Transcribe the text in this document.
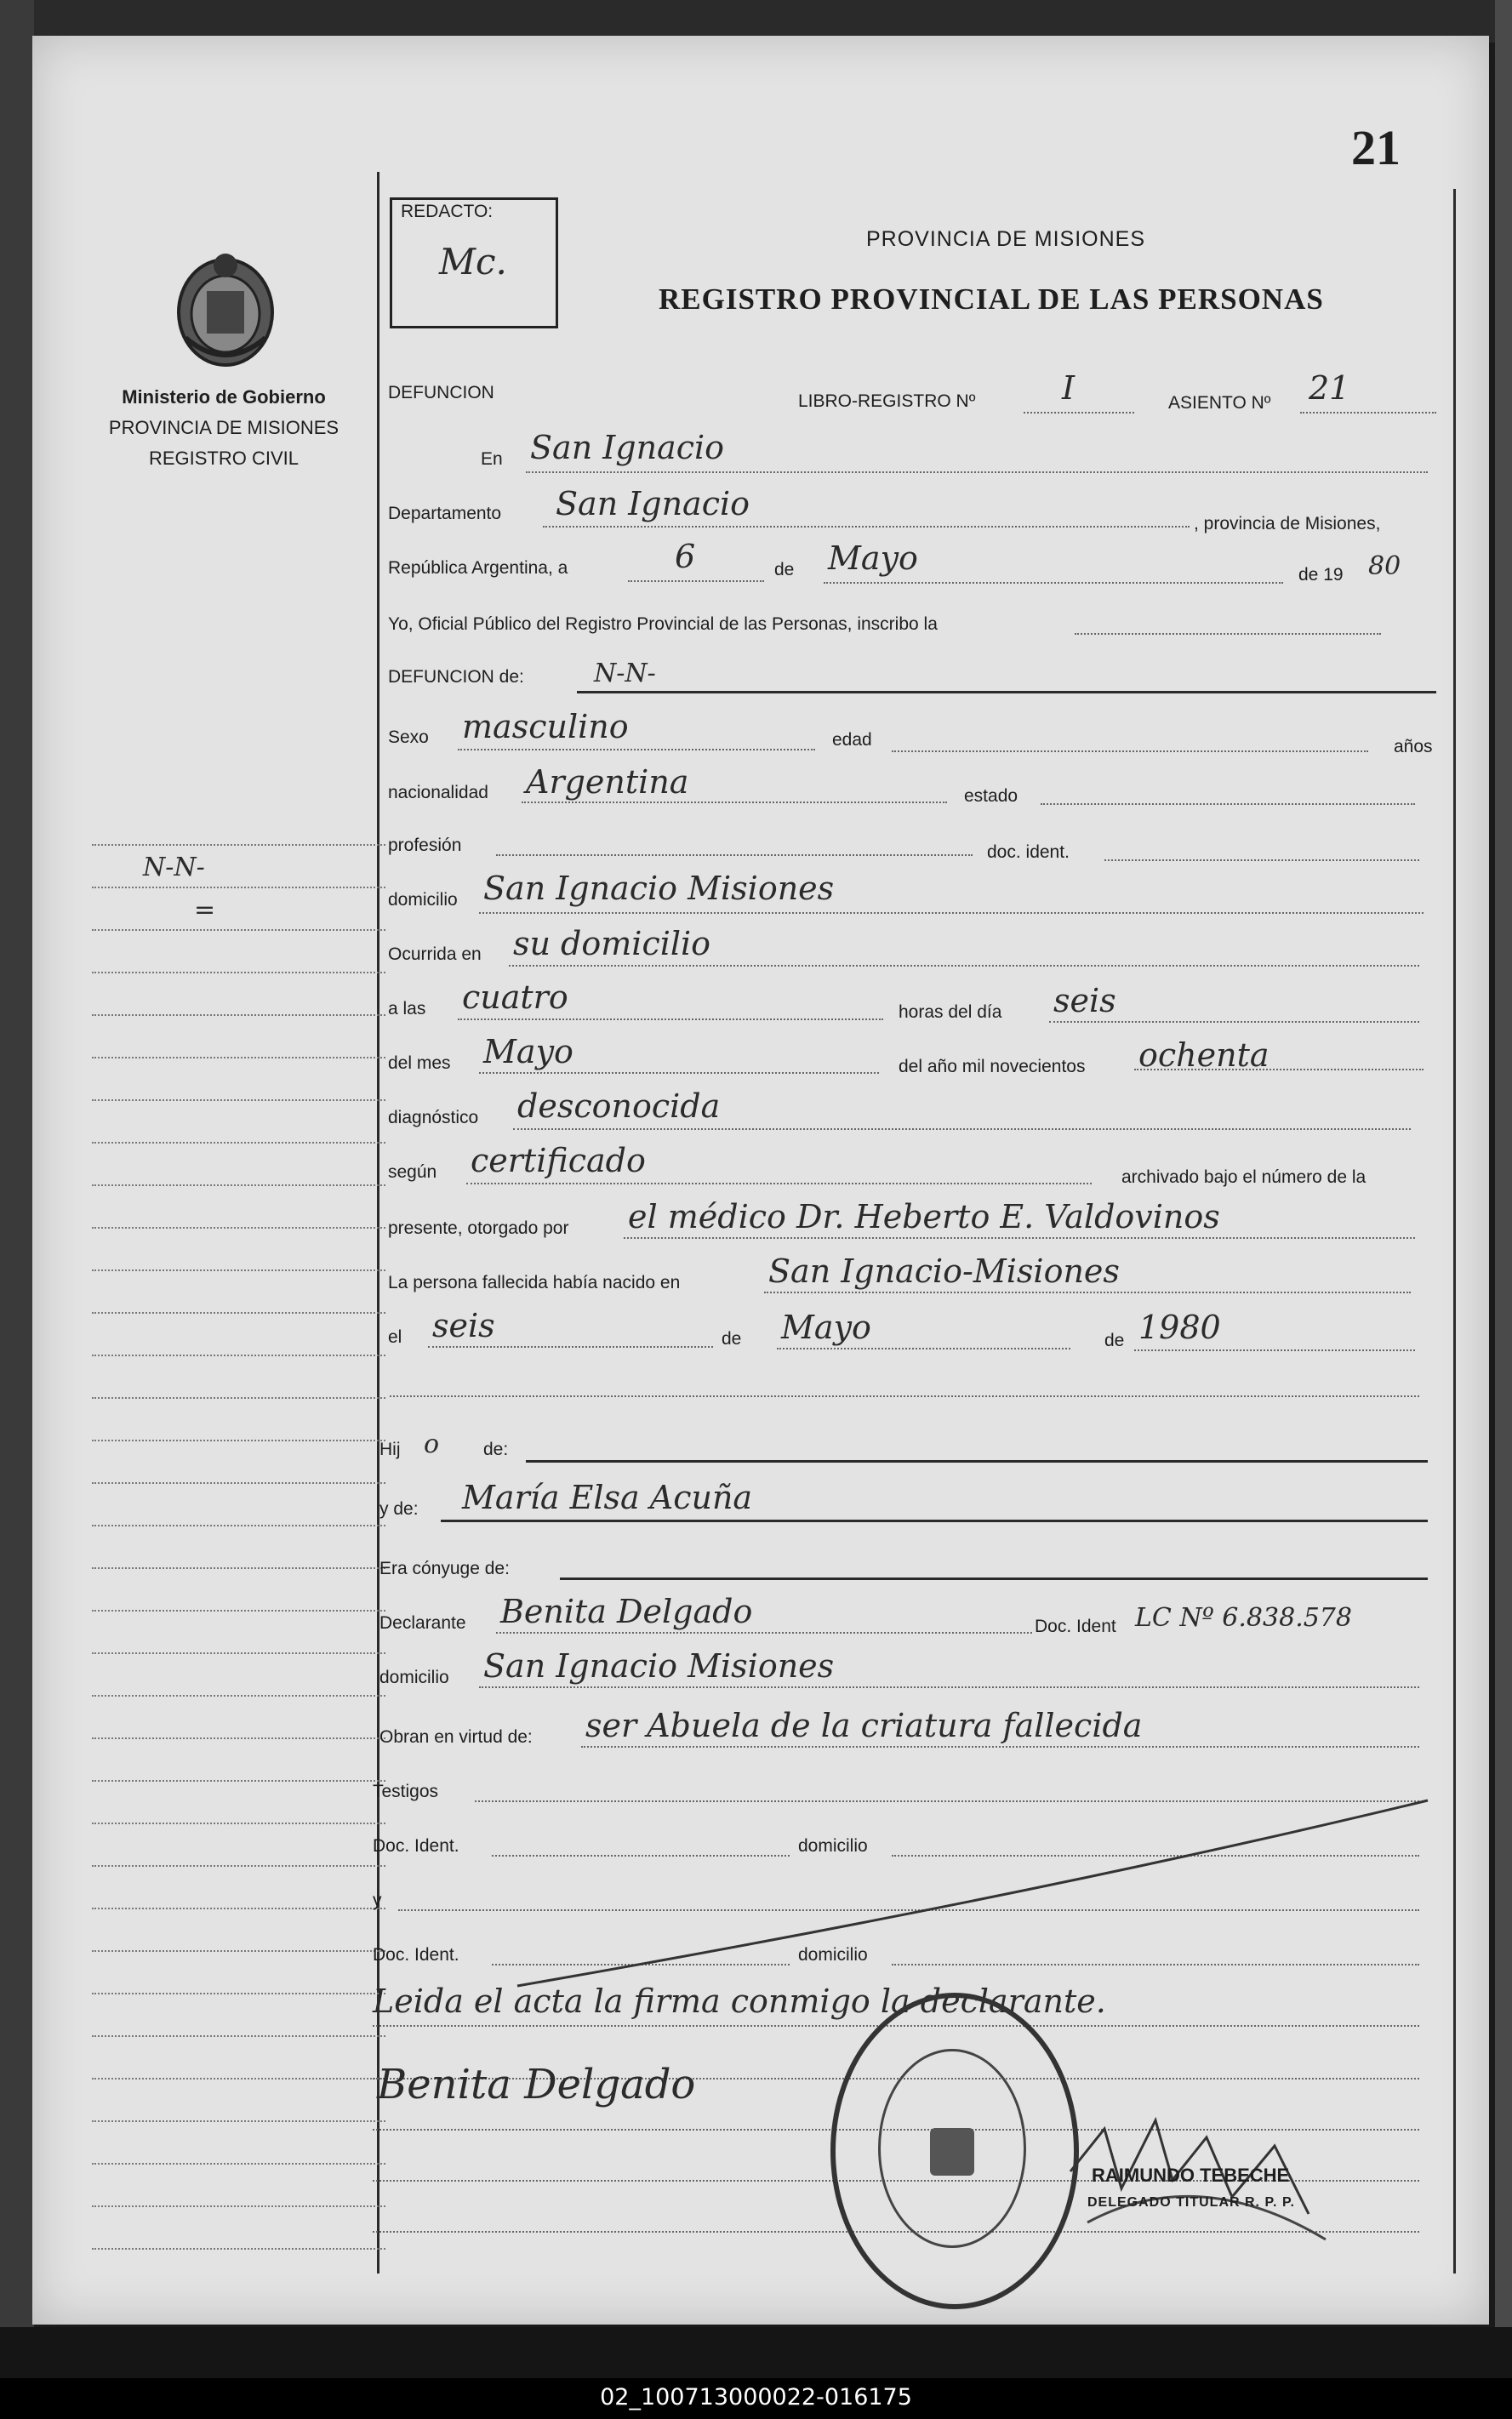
21
Ministerio de Gobierno
PROVINCIA DE MISIONES
REGISTRO CIVIL
REDACTO:
Mc.
PROVINCIA DE MISIONES
REGISTRO PROVINCIAL DE LAS PERSONAS
N-N-
=
DEFUNCION	LIBRO-REGISTRO Nº	I	ASIENTO Nº 21
En San Ignacio
Departamento San Ignacio
, provincia de Misiones,
República Argentina, a	6	de Mayo	de 19 80
Yo, Oficial Público del Registro Provincial de las Personas, inscribo la
DEFUNCION de:	N-N-
Sexo masculino	edad	años
nacionalidad Argentina	estado
profesión	doc. ident.
domicilio San Ignacio Misiones
Ocurrida en su domicilio
a las cuatro	horas del día seis
del mes Mayo	del año mil novecientos ochenta
diagnóstico desconocida
según certificado	archivado bajo el número de la
presente, otorgado por el médico Dr. Heberto E. Valdovinos
La persona fallecida había nacido en	San Ignacio-Misiones
el seis	de Mayo	de 1980
Hij o de:
y de: María Elsa Acuña
Era cónyuge de:
Declarante Benita Delgado	Doc. Ident LC Nº 6.838.578
domicilio San Ignacio Misiones
Obran en virtud de: ser Abuela de la criatura fallecida
Testigos
Doc. Ident.	domicilio
y
Doc. Ident.	domicilio
Leida el acta la firma conmigo la declarante.
Benita Delgado
RAIMUNDO TEBECHE
DELEGADO TITULAR R. P. P.
02_100713000022-016175
